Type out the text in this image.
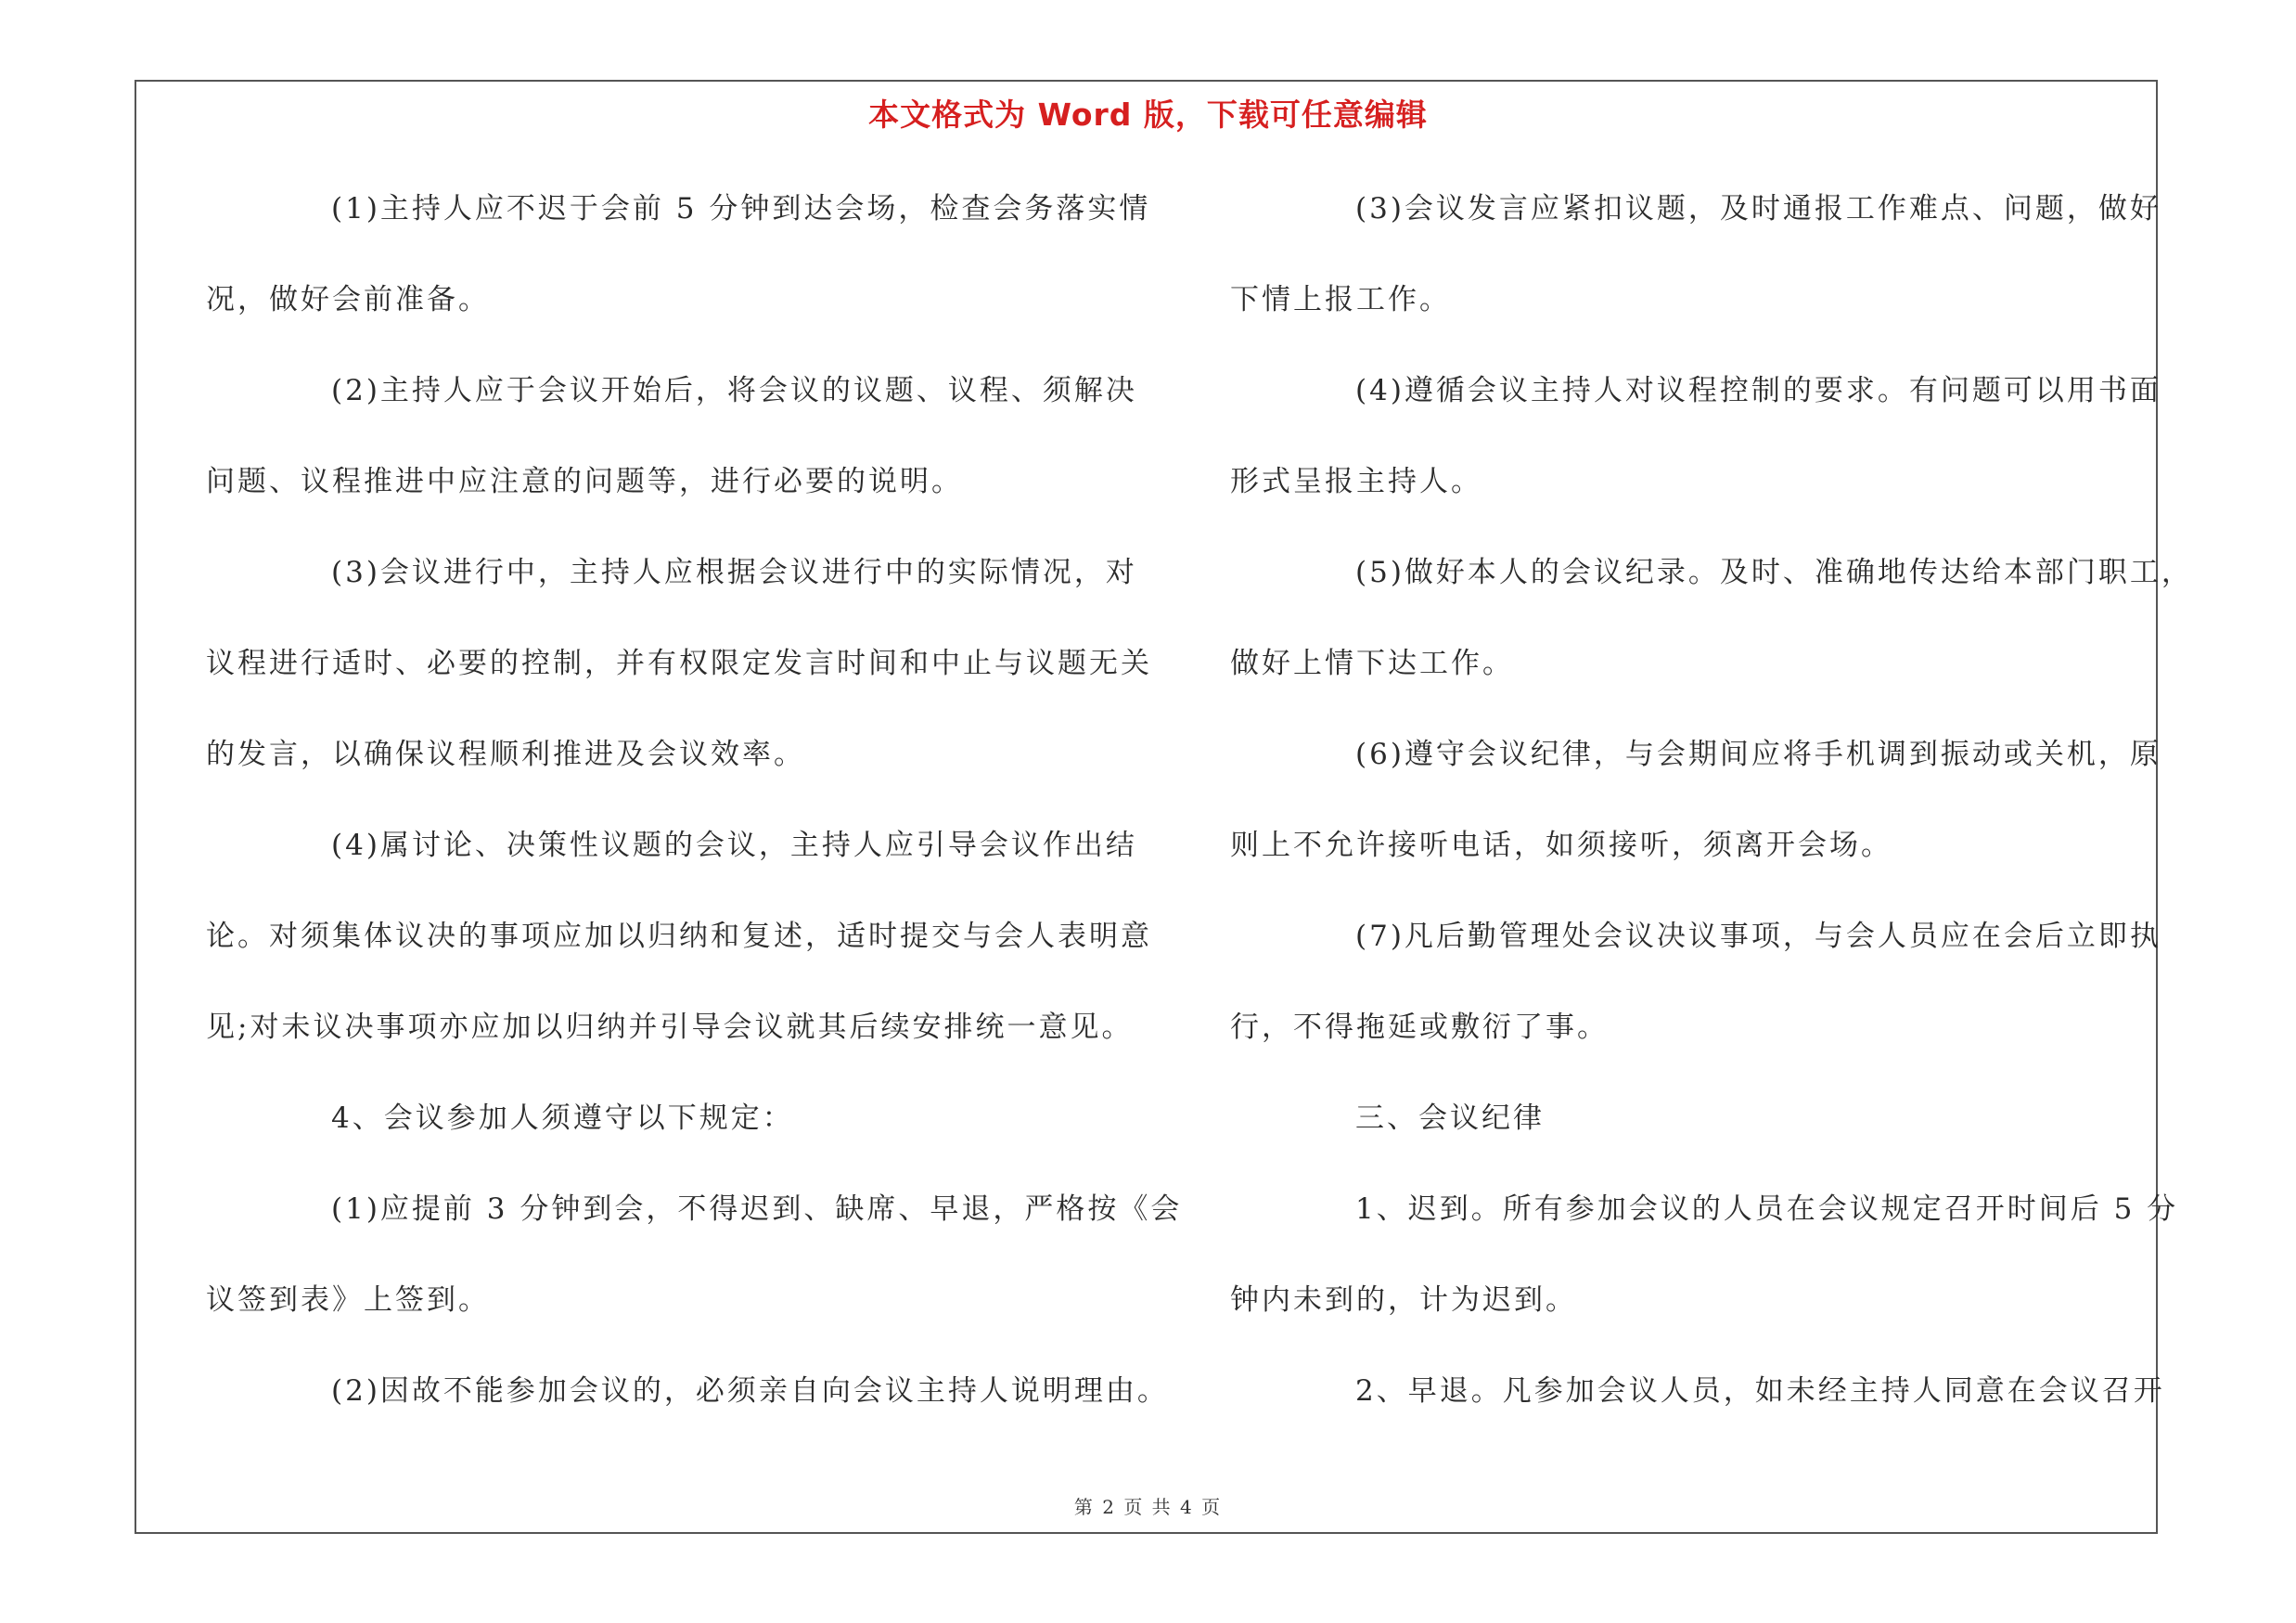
本文格式为 Word 版，下载可任意编辑
(1)主持人应不迟于会前 5 分钟到达会场，检查会务落实情
况，做好会前准备。
(2)主持人应于会议开始后，将会议的议题、议程、须解决
问题、议程推进中应注意的问题等，进行必要的说明。
(3)会议进行中，主持人应根据会议进行中的实际情况，对
议程进行适时、必要的控制，并有权限定发言时间和中止与议题无关
的发言，以确保议程顺利推进及会议效率。
(4)属讨论、决策性议题的会议，主持人应引导会议作出结
论。对须集体议决的事项应加以归纳和复述，适时提交与会人表明意
见;对未议决事项亦应加以归纳并引导会议就其后续安排统一意见。
4、会议参加人须遵守以下规定：
(1)应提前 3 分钟到会，不得迟到、缺席、早退，严格按《会
议签到表》上签到。
(2)因故不能参加会议的，必须亲自向会议主持人说明理由。
(3)会议发言应紧扣议题，及时通报工作难点、问题，做好
下情上报工作。
(4)遵循会议主持人对议程控制的要求。有问题可以用书面
形式呈报主持人。
(5)做好本人的会议纪录。及时、准确地传达给本部门职工，
做好上情下达工作。
(6)遵守会议纪律，与会期间应将手机调到振动或关机，原
则上不允许接听电话，如须接听，须离开会场。
(7)凡后勤管理处会议决议事项，与会人员应在会后立即执
行，不得拖延或敷衍了事。
三、会议纪律
1、迟到。所有参加会议的人员在会议规定召开时间后 5 分
钟内未到的，计为迟到。
2、早退。凡参加会议人员，如未经主持人同意在会议召开
第 2 页 共 4 页
